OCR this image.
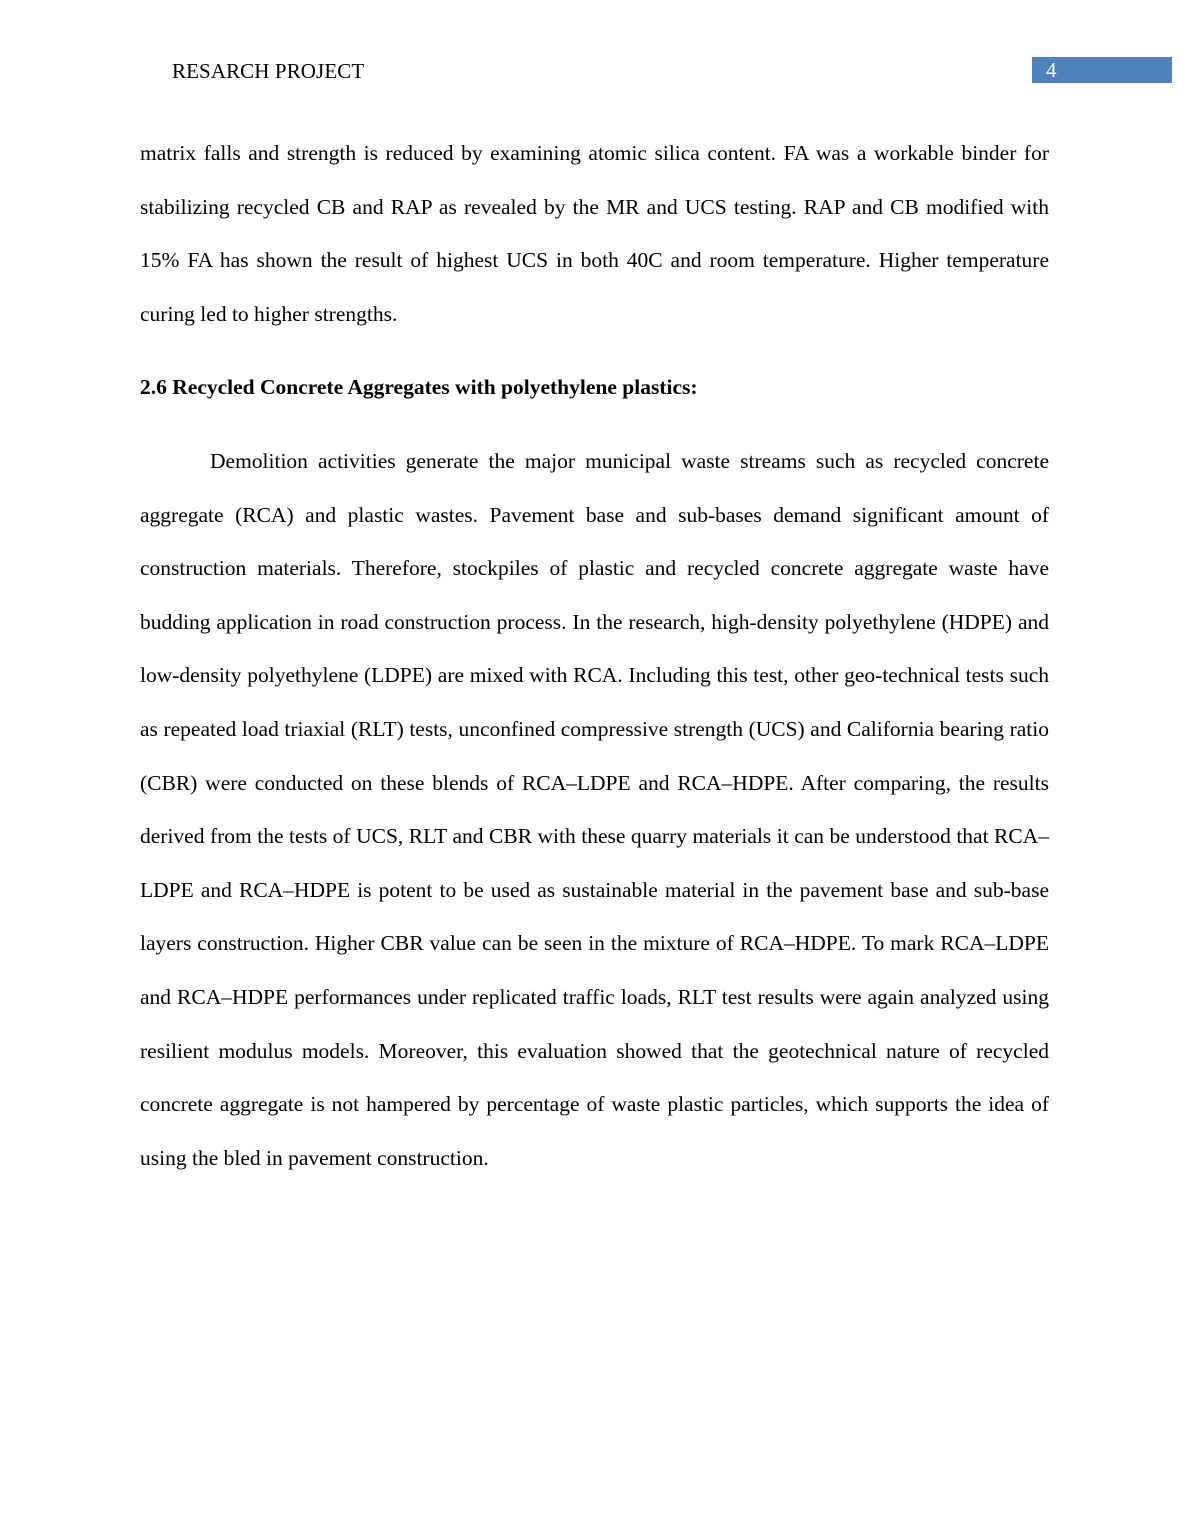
RESARCH PROJECT	4

matrix falls and strength is reduced by examining atomic silica content. FA was a workable binder for stabilizing recycled CB and RAP as revealed by the MR and UCS testing. RAP and CB modified with 15% FA has shown the result of highest UCS in both 40C and room temperature. Higher temperature curing led to higher strengths.

2.6 Recycled Concrete Aggregates with polyethylene plastics:

Demolition activities generate the major municipal waste streams such as recycled concrete aggregate (RCA) and plastic wastes. Pavement base and sub-bases demand significant amount of construction materials. Therefore, stockpiles of plastic and recycled concrete aggregate waste have budding application in road construction process. In the research, high-density polyethylene (HDPE) and low-density polyethylene (LDPE) are mixed with RCA. Including this test, other geo-technical tests such as repeated load triaxial (RLT) tests, unconfined compressive strength (UCS) and California bearing ratio (CBR) were conducted on these blends of RCA–LDPE and RCA–HDPE. After comparing, the results derived from the tests of UCS, RLT and CBR with these quarry materials it can be understood that RCA–LDPE and RCA–HDPE is potent to be used as sustainable material in the pavement base and sub-base layers construction. Higher CBR value can be seen in the mixture of RCA–HDPE. To mark RCA–LDPE and RCA–HDPE performances under replicated traffic loads, RLT test results were again analyzed using resilient modulus models. Moreover, this evaluation showed that the geotechnical nature of recycled concrete aggregate is not hampered by percentage of waste plastic particles, which supports the idea of using the bled in pavement construction.
